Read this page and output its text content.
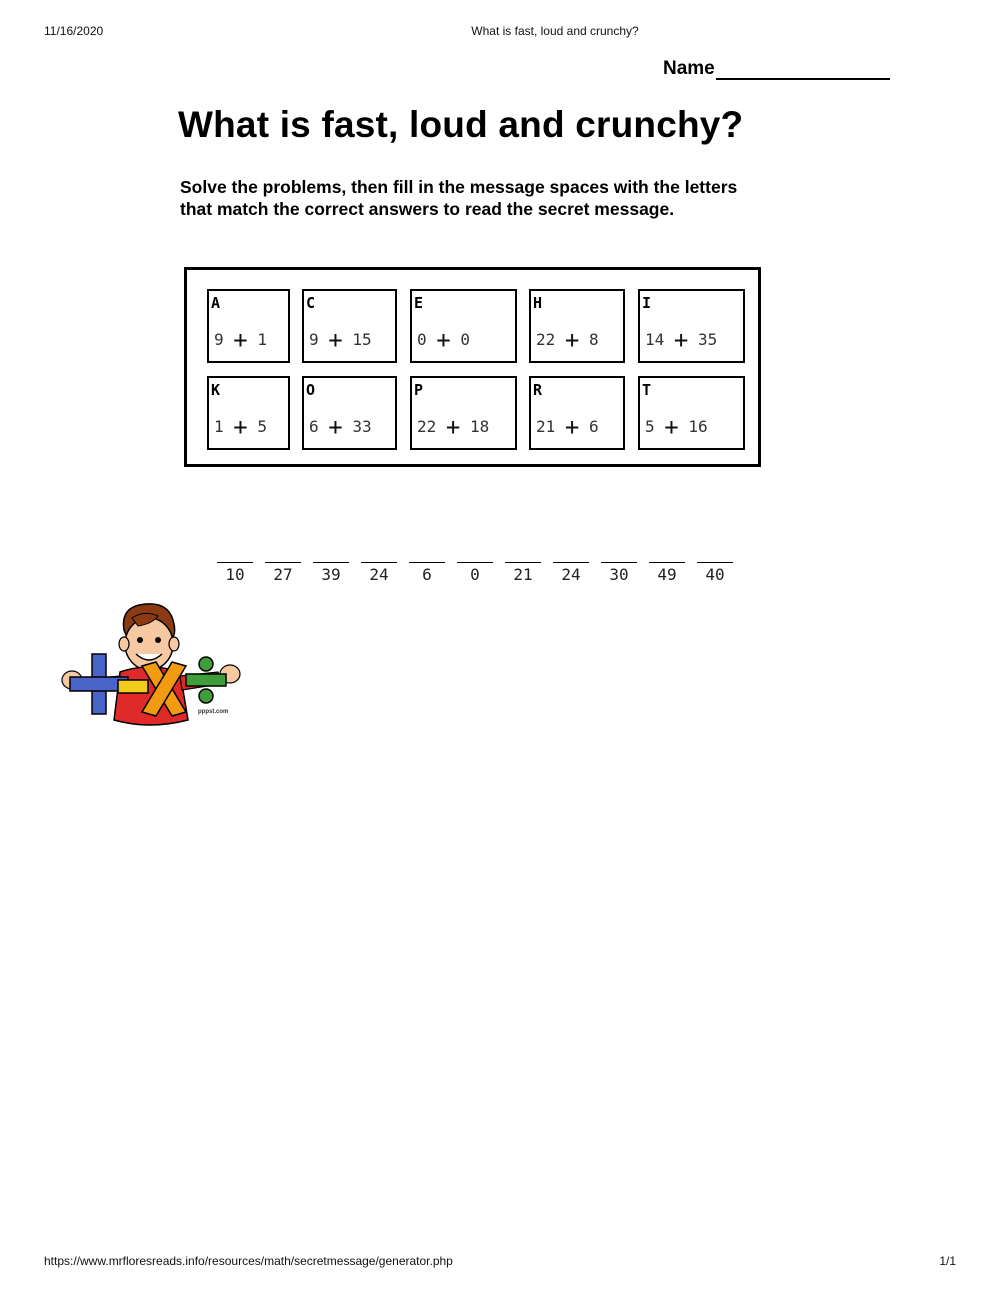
11/16/2020	What is fast, loud and crunchy?
Name
What is fast, loud and crunchy?

Solve the problems, then fill in the message spaces with the letters that match the correct answers to read the secret message.

A
9 + 1
C
9 + 15
E
0 + 0
H
22 + 8
I
14 + 35
K
1 + 5
O
6 + 33
P
22 + 18
R
21 + 6
T
5 + 16
10	27	39	24	6	0	21	24	30	49	40
pppst.com
https://www.mrfloresreads.info/resources/math/secretmessage/generator.php	1/1
